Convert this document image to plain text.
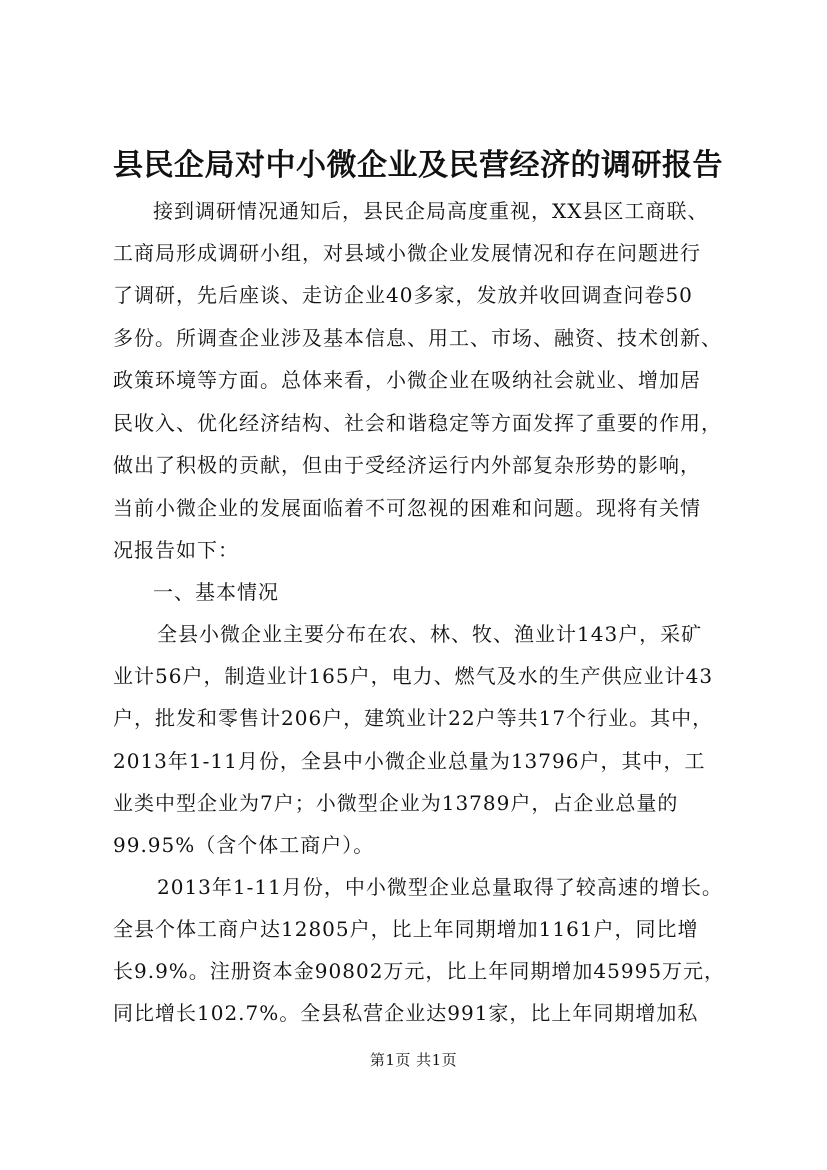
县民企局对中小微企业及民营经济的调研报告

接到调研情况通知后，县民企局高度重视，XX县区工商联、

工商局形成调研小组，对县域小微企业发展情况和存在问题进行

了调研，先后座谈、走访企业40多家，发放并收回调查问卷50

多份。所调查企业涉及基本信息、用工、市场、融资、技术创新、

政策环境等方面。总体来看，小微企业在吸纳社会就业、增加居

民收入、优化经济结构、社会和谐稳定等方面发挥了重要的作用，

做出了积极的贡献，但由于受经济运行内外部复杂形势的影响，

当前小微企业的发展面临着不可忽视的困难和问题。现将有关情

况报告如下：

一、基本情况

全县小微企业主要分布在农、林、牧、渔业计143户，采矿

业计56户，制造业计165户，电力、燃气及水的生产供应业计43

户，批发和零售计206户，建筑业计22户等共17个行业。其中，

2013年1-11月份，全县中小微企业总量为13796户，其中，工

业类中型企业为7户；小微型企业为13789户，占企业总量的

99.95%（含个体工商户）。

2013年1-11月份，中小微型企业总量取得了较高速的增长。

全县个体工商户达12805户，比上年同期增加1161户，同比增

长9.9%。注册资本金90802万元，比上年同期增加45995万元，

同比增长102.7%。全县私营企业达991家，比上年同期增加私

第1页 共1页
